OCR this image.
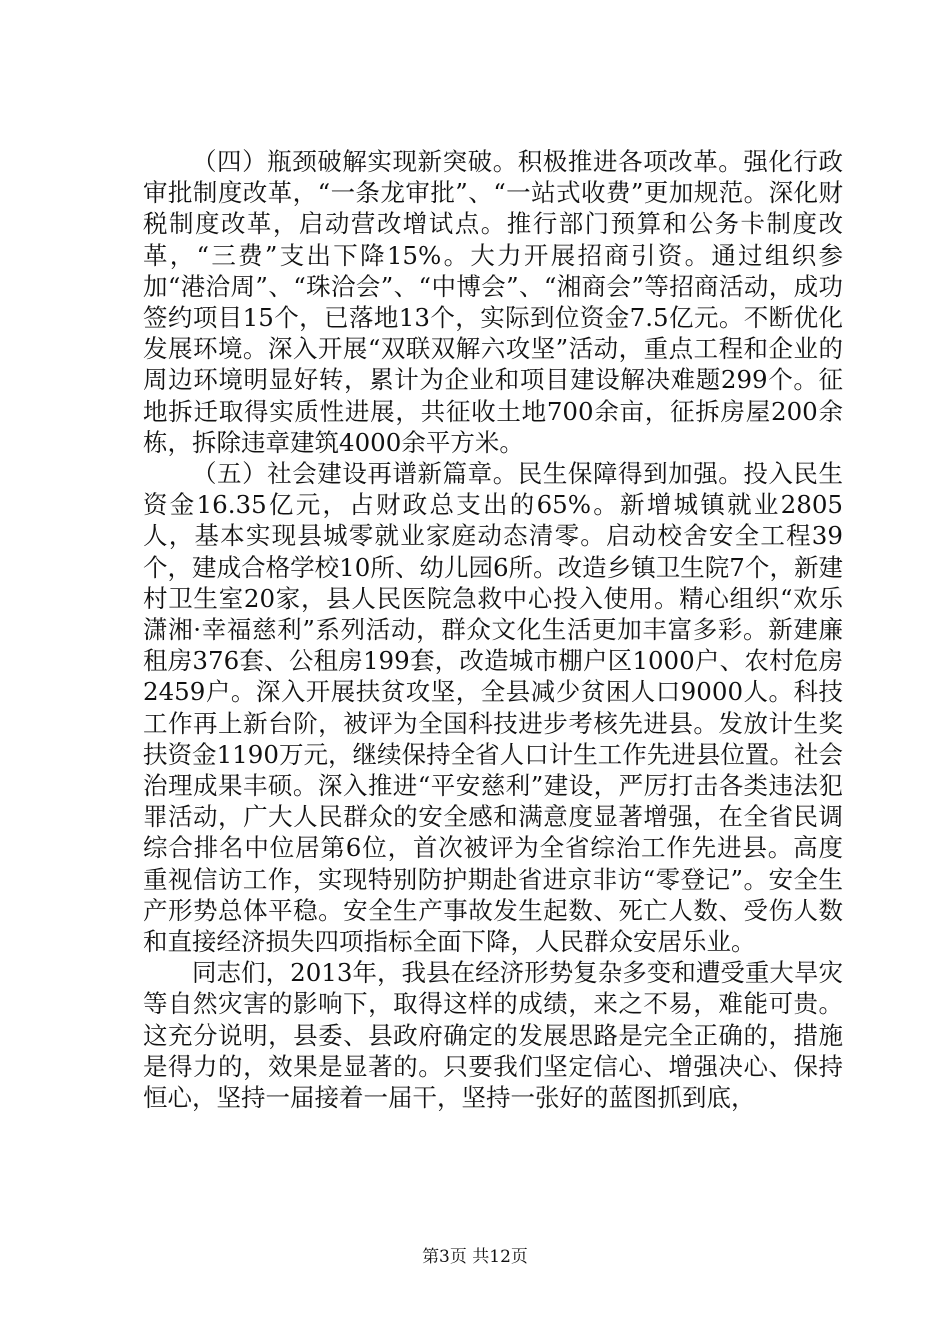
（四）瓶颈破解实现新突破。积极推进各项改革。强化行政审批制度改革，“一条龙审批”、“一站式收费”更加规范。深化财税制度改革，启动营改增试点。推行部门预算和公务卡制度改革，“三费”支出下降15%。大力开展招商引资。通过组织参加“港洽周”、“珠洽会”、“中博会”、“湘商会”等招商活动，成功签约项目15个，已落地13个，实际到位资金7.5亿元。不断优化发展环境。深入开展“双联双解六攻坚”活动，重点工程和企业的周边环境明显好转，累计为企业和项目建设解决难题299个。征地拆迁取得实质性进展，共征收土地700余亩，征拆房屋200余栋，拆除违章建筑4000余平方米。

（五）社会建设再谱新篇章。民生保障得到加强。投入民生资金16.35亿元，占财政总支出的65%。新增城镇就业2805人，基本实现县城零就业家庭动态清零。启动校舍安全工程39个，建成合格学校10所、幼儿园6所。改造乡镇卫生院7个，新建村卫生室20家，县人民医院急救中心投入使用。精心组织“欢乐潇湘·幸福慈利”系列活动，群众文化生活更加丰富多彩。新建廉租房376套、公租房199套，改造城市棚户区1000户、农村危房2459户。深入开展扶贫攻坚，全县减少贫困人口9000人。科技工作再上新台阶，被评为全国科技进步考核先进县。发放计生奖扶资金1190万元，继续保持全省人口计生工作先进县位置。社会治理成果丰硕。深入推进“平安慈利”建设，严厉打击各类违法犯罪活动，广大人民群众的安全感和满意度显著增强，在全省民调综合排名中位居第6位，首次被评为全省综治工作先进县。高度重视信访工作，实现特别防护期赴省进京非访“零登记”。安全生产形势总体平稳。安全生产事故发生起数、死亡人数、受伤人数和直接经济损失四项指标全面下降，人民群众安居乐业。

同志们，2013年，我县在经济形势复杂多变和遭受重大旱灾等自然灾害的影响下，取得这样的成绩，来之不易，难能可贵。这充分说明，县委、县政府确定的发展思路是完全正确的，措施是得力的，效果是显著的。只要我们坚定信心、增强决心、保持恒心，坚持一届接着一届干，坚持一张好的蓝图抓到底，

第3页 共12页
